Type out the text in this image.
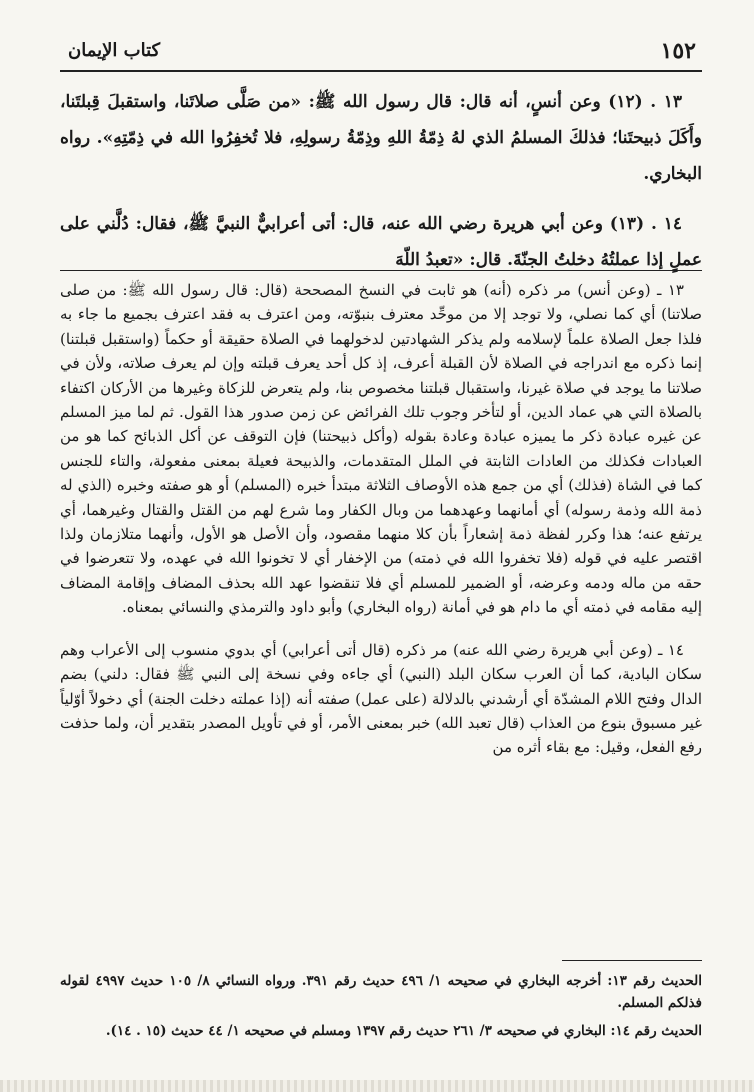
١٥٢
كتاب الإيمان

١٣ . (١٢) وعن أنسٍ، أنه قال: قال رسول الله ﷺ: «من صَلَّى صلاتَنا، واستقبلَ قِبلتَنا، وأَكَلَ ذبيحتَنا؛ فذلكَ المسلمُ الذي لهُ ذِمّةُ اللهِ وذِمّةُ رسولِهِ، فلا تُخفِرُوا الله في ذِمّتِهِ». رواه البخاري.

١٤ . (١٣) وعن أبي هريرة رضي الله عنه، قال: أتى أعرابيٌّ النبيَّ ﷺ، فقال: دُلَّني على عملٍ إذا عملتُهُ دخلتُ الجنّةَ. قال: «تعبدُ اللّهَ

١٣ ـ (وعن أنس) مر ذكره (أنه) هو ثابت في النسخ المصححة (قال: قال رسول الله ﷺ: من صلى صلاتنا) أي كما نصلي، ولا توجد إلا من موحِّد معترف بنبوّته، ومن اعترف به فقد اعترف بجميع ما جاء به فلذا جعل الصلاة علماً لإسلامه ولم يذكر الشهادتين لدخولهما في الصلاة حقيقة أو حكماً (واستقبل قبلتنا) إنما ذكره مع اندراجه في الصلاة لأن القبلة أعرف، إذ كل أحد يعرف قبلته وإن لم يعرف صلاته، ولأن في صلاتنا ما يوجد في صلاة غيرنا، واستقبال قبلتنا مخصوص بنا، ولم يتعرض للزكاة وغيرها من الأركان اكتفاء بالصلاة التي هي عماد الدين، أو لتأخر وجوب تلك الفرائض عن زمن صدور هذا القول. ثم لما ميز المسلم عن غيره عبادة ذكر ما يميزه عبادة وعادة بقوله (وأكل ذبيحتنا) فإن التوقف عن أكل الذبائح كما هو من العبادات فكذلك من العادات الثابتة في الملل المتقدمات، والذبيحة فعيلة بمعنى مفعولة، والتاء للجنس كما في الشاة (فذلك) أي من جمع هذه الأوصاف الثلاثة مبتدأ خبره (المسلم) أو هو صفته وخبره (الذي له ذمة الله وذمة رسوله) أي أمانهما وعهدهما من وبال الكفار وما شرع لهم من القتل والقتال وغيرهما، أي يرتفع عنه؛ هذا وكرر لفظة ذمة إشعاراً بأن كلا منهما مقصود، وأن الأصل هو الأول، وأنهما متلازمان ولذا اقتصر عليه في قوله (فلا تخفروا الله في ذمته) من الإخفار أي لا تخونوا الله في عهده، ولا تتعرضوا في حقه من ماله ودمه وعرضه، أو الضمير للمسلم أي فلا تنقضوا عهد الله بحذف المضاف وإقامة المضاف إليه مقامه في ذمته أي ما دام هو في أمانة (رواه البخاري) وأبو داود والترمذي والنسائي بمعناه.

١٤ ـ (وعن أبي هريرة رضي الله عنه) مر ذكره (قال أتى أعرابي) أي بدوي منسوب إلى الأعراب وهم سكان البادية، كما أن العرب سكان البلد (النبي) أي جاءه وفي نسخة إلى النبي ﷺ فقال: دلني) بضم الدال وفتح اللام المشدّة أي أرشدني بالدلالة (على عمل) صفته أنه (إذا عملته دخلت الجنة) أي دخولاً أوّلياً غير مسبوق بنوع من العذاب (قال تعبد الله) خبر بمعنى الأمر، أو في تأويل المصدر بتقدير أن، ولما حذفت رفع الفعل، وقيل: مع بقاء أثره من

الحديث رقم ١٣: أخرجه البخاري في صحيحه ١/ ٤٩٦ حديث رقم ٣٩١. ورواه النسائي ٨/ ١٠٥ حديث ٤٩٩٧ لقوله فذلكم المسلم.

الحديث رقم ١٤: البخاري في صحيحه ٣/ ٢٦١ حديث رقم ١٣٩٧ ومسلم في صحيحه ١/ ٤٤ حديث (١٥ . ١٤).
